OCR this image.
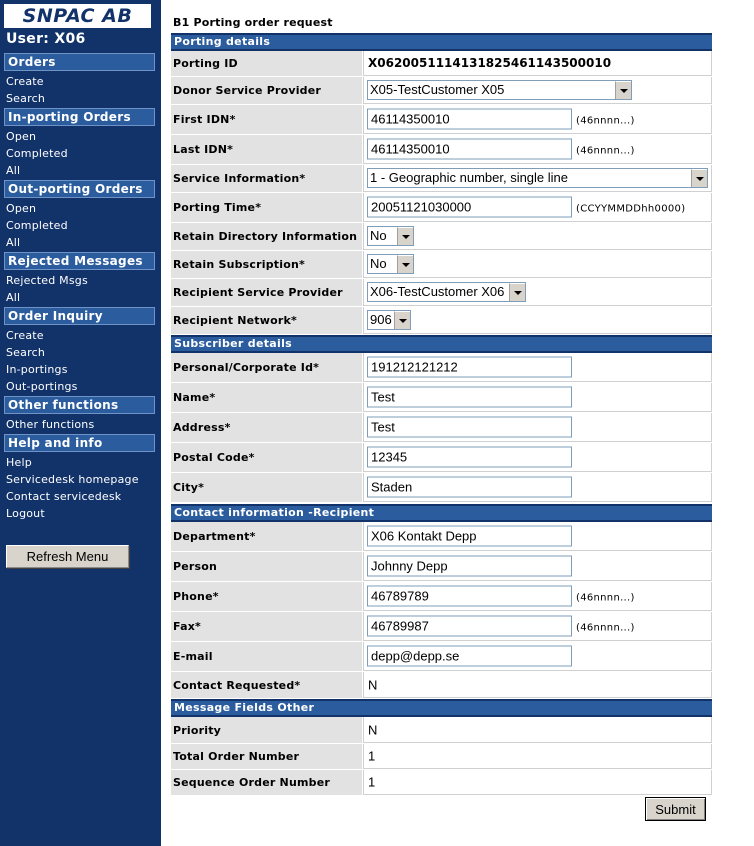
SNPAC AB
User: X06
Orders
Create
Search
In-porting Orders
Open
Completed
All
Out-porting Orders
Open
Completed
All
Rejected Messages
Rejected Msgs
All
Order Inquiry
Create
Search
In-portings
Out-portings
Other functions
Other functions
Help and info
Help
Servicedesk homepage
Contact servicedesk
Logout
Refresh Menu
B1 Porting order request
Porting details
Porting ID	X0620051114131825461143500010
Donor Service Provider	X05-TestCustomer X05
First IDN*	46114350010	(46nnnn...)
Last IDN*	46114350010	(46nnnn...)
Service Information*	1 - Geographic number, single line
Porting Time*	20051121030000	(CCYYMMDDhh0000)
Retain Directory Information No
Retain Subscription*	No
Recipient Service Provider	X06-TestCustomer X06
Recipient Network*	906
Subscriber details
Personal/Corporate Id*	191212121212
Name*	Test
Address*	Test
Postal Code*	12345
City*	Staden
Contact information -Recipient
Department*	X06 Kontakt Depp
Person	Johnny Depp
Phone*	46789789	(46nnnn...)
Fax*	46789987	(46nnnn...)
E-mail	depp@depp.se
Contact Requested*	N
Message Fields Other
Priority	N
Total Order Number	1
Sequence Order Number	1
Submit
